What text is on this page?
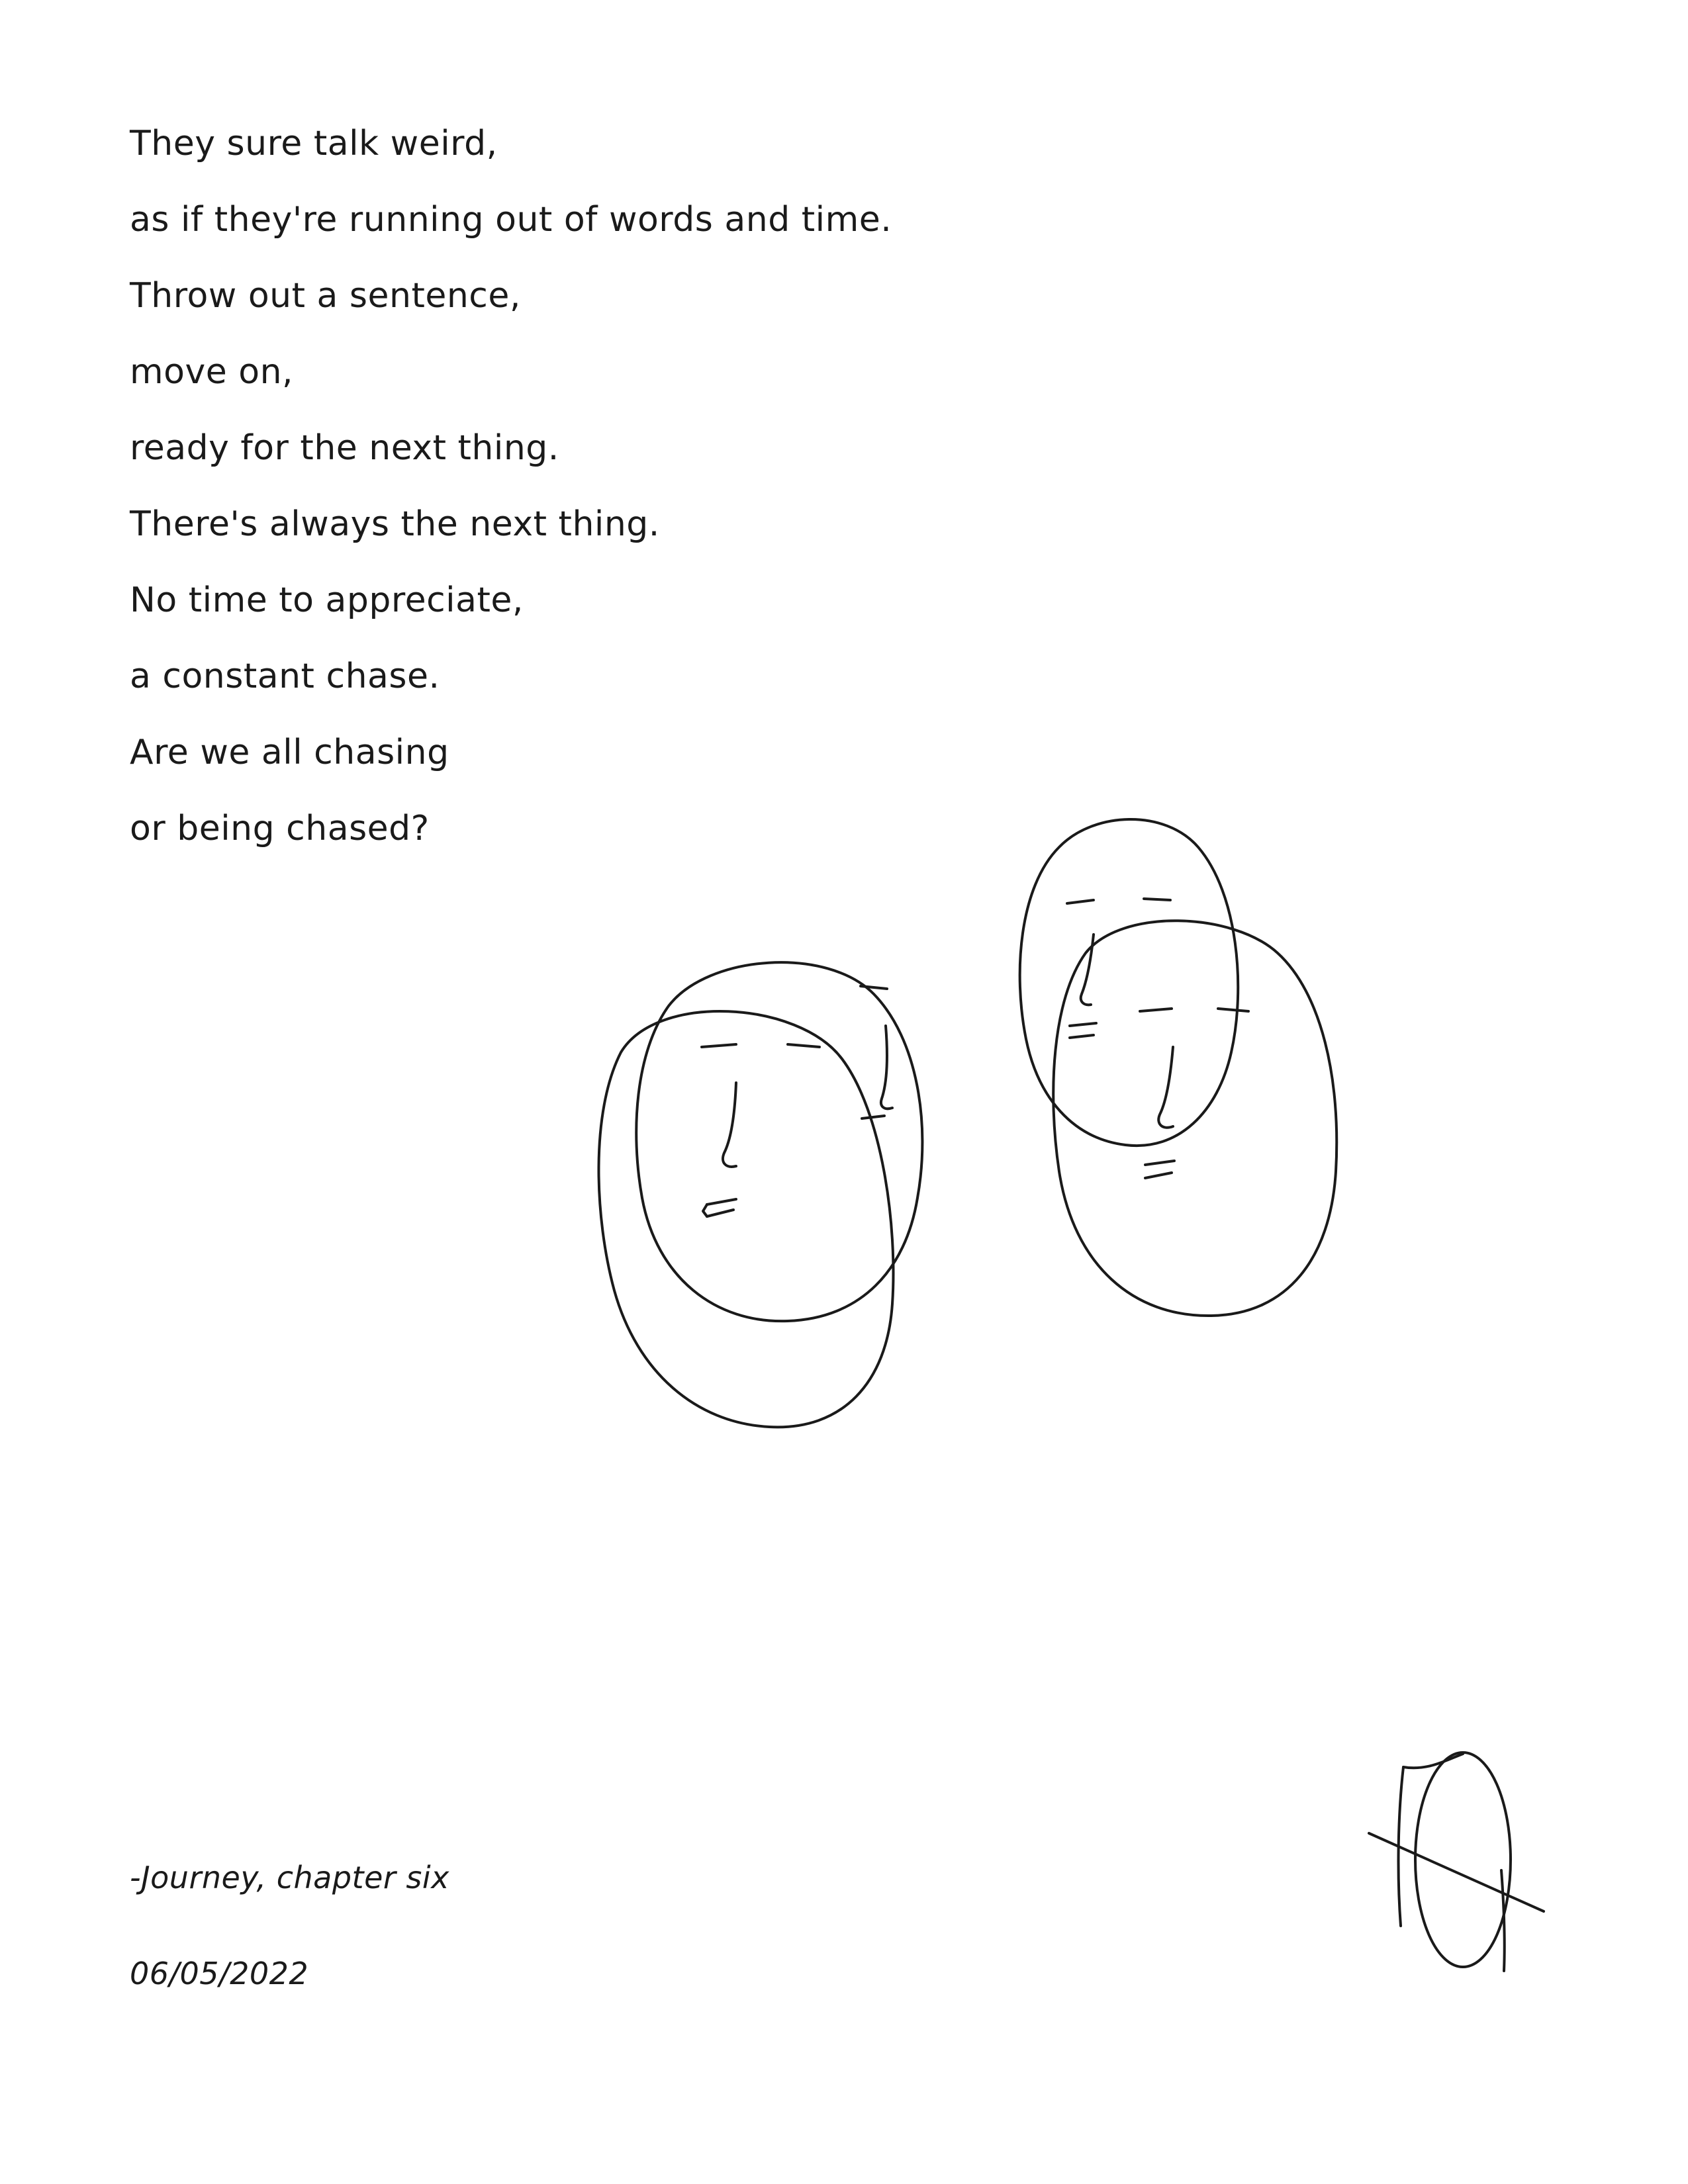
They sure talk weird,
as if they're running out of words and time.
Throw out a sentence,
move on,
ready for the next thing.
There's always the next thing.
No time to appreciate,
a constant chase.
Are we all chasing
or being chased?
-Journey, chapter six
06/05/2022
